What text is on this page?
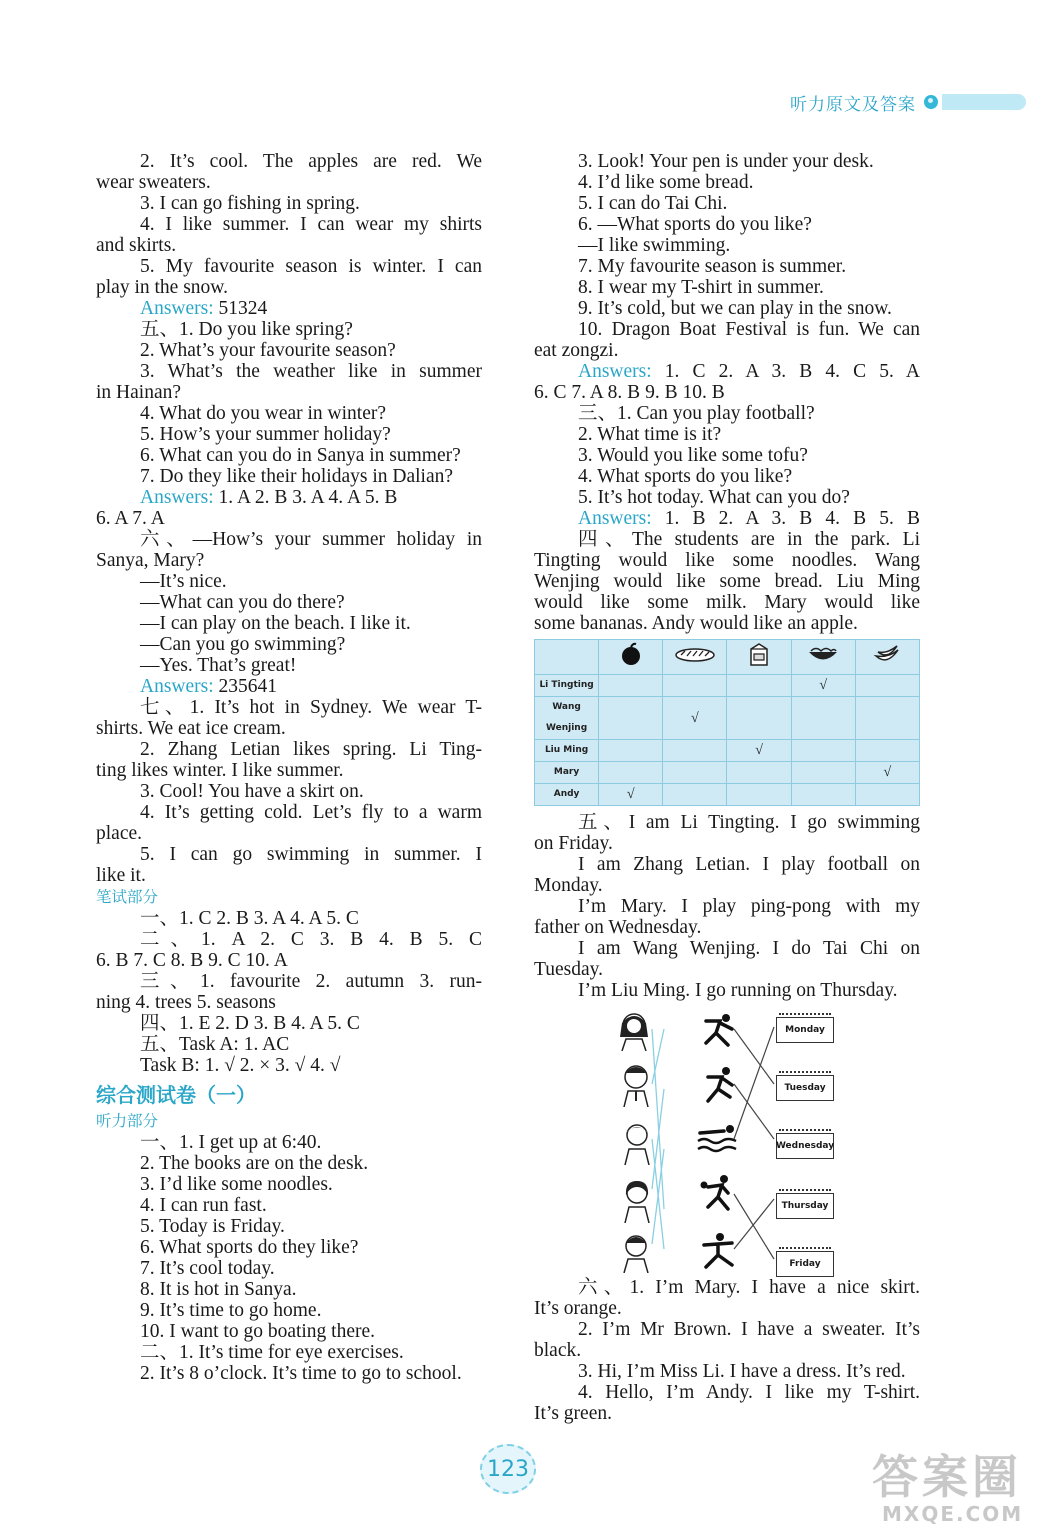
听力原文及答案

2. It’s cool. The apples are red. We

wear sweaters.

3. I can go fishing in spring.

4. I like summer. I can wear my shirts

and skirts.

5. My favourite season is winter. I can

play in the snow.

Answers: 51324

五、1. Do you like spring?

2. What’s your favourite season?

3. What’s the weather like in summer

in Hainan?

4. What do you wear in winter?

5. How’s your summer holiday?

6. What can you do in Sanya in summer?

7. Do they like their holidays in Dalian?

Answers: 1. A 2. B 3. A 4. A 5. B

6. A 7. A

六、—How’s your summer holiday in

Sanya, Mary?

—It’s nice.

—What can you do there?

—I can play on the beach. I like it.

—Can you go swimming?

—Yes. That’s great!

Answers: 235641

七、1. It’s hot in Sydney. We wear T-

shirts. We eat ice cream.

2. Zhang Letian likes spring. Li Ting-

ting likes winter. I like summer.

3. Cool! You have a skirt on.

4. It’s getting cold. Let’s fly to a warm

place.

5. I can go swimming in summer. I

like it.

笔试部分

一、1. C 2. B 3. A 4. A 5. C

二、1. A 2. C 3. B 4. B 5. C

6. B 7. C 8. B 9. C 10. A

三、1. favourite 2. autumn 3. run-

ning 4. trees 5. seasons

四、1. E 2. D 3. B 4. A 5. C

五、Task A: 1. AC

Task B: 1. √ 2. × 3. √ 4. √

综合测试卷（一）

听力部分

一、1. I get up at 6:40.

2. The books are on the desk.

3. I’d like some noodles.

4. I can run fast.

5. Today is Friday.

6. What sports do they like?

7. It’s cool today.

8. It is hot in Sanya.

9. It’s time to go home.

10. I want to go boating there.

二、1. It’s time for eye exercises.

2. It’s 8 o’clock. It’s time to go to school.

3. Look! Your pen is under your desk.

4. I’d like some bread.

5. I can do Tai Chi.

6. —What sports do you like?

—I like swimming.

7. My favourite season is summer.

8. I wear my T-shirt in summer.

9. It’s cold, but we can play in the snow.

10. Dragon Boat Festival is fun. We can

eat zongzi.

Answers: 1. C 2. A 3. B 4. C 5. A

6. C 7. A 8. B 9. B 10. B

三、1. Can you play football?

2. What time is it?

3. Would you like some tofu?

4. What sports do you like?

5. It’s hot today. What can you do?

Answers: 1. B 2. A 3. B 4. B 5. B

四、The students are in the park. Li

Tingting would like some noodles. Wang

Wenjing would like some bread. Liu Ming

would like some milk. Mary would like

some bananas. Andy would like an apple.

Li Tingting				√	
Wang Wenjing		√			
Liu Ming			√		
Mary					√
Andy	√				

五、I am Li Tingting. I go swimming

on Friday.

I am Zhang Letian. I play football on

Monday.

I’m Mary. I play ping-pong with my

father on Wednesday.

I am Wang Wenjing. I do Tai Chi on

Tuesday.

I’m Liu Ming. I go running on Thursday.

Monday
Tuesday
Wednesday
Thursday
Friday

六、1. I’m Mary. I have a nice skirt.

It’s orange.

2. I’m Mr Brown. I have a sweater. It’s

black.

3. Hi, I’m Miss Li. I have a dress. It’s red.

4. Hello, I’m Andy. I like my T-shirt.

It’s green.

123	答案圈
MXQE.COM
